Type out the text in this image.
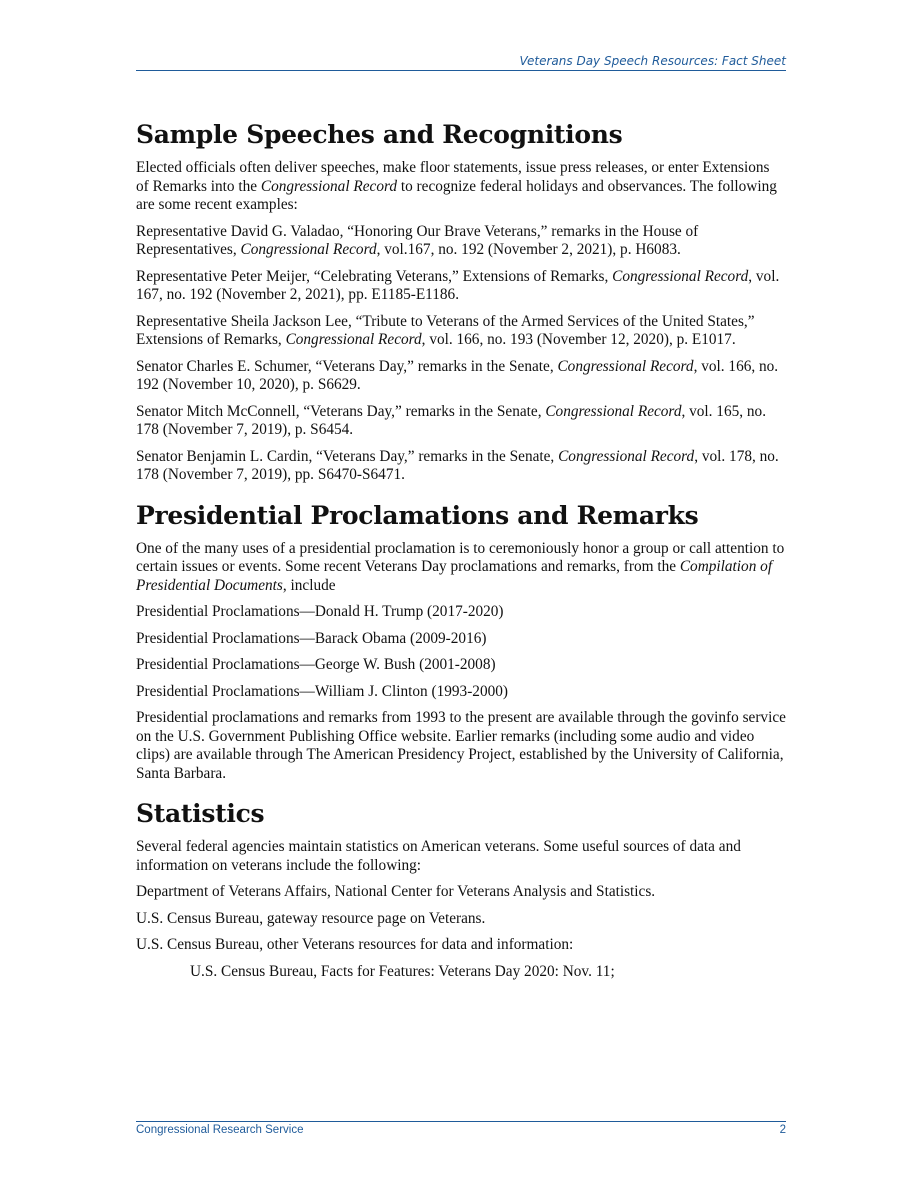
Veterans Day Speech Resources: Fact Sheet
Sample Speeches and Recognitions

Elected officials often deliver speeches, make floor statements, issue press releases, or enter Extensions of Remarks into the Congressional Record to recognize federal holidays and observances. The following are some recent examples:

Representative David G. Valadao, “Honoring Our Brave Veterans,” remarks in the House of Representatives, Congressional Record, vol.167, no. 192 (November 2, 2021), p. H6083.

Representative Peter Meijer, “Celebrating Veterans,” Extensions of Remarks, Congressional Record, vol. 167, no. 192 (November 2, 2021), pp. E1185-E1186.

Representative Sheila Jackson Lee, “Tribute to Veterans of the Armed Services of the United States,” Extensions of Remarks, Congressional Record, vol. 166, no. 193 (November 12, 2020), p. E1017.

Senator Charles E. Schumer, “Veterans Day,” remarks in the Senate, Congressional Record, vol. 166, no. 192 (November 10, 2020), p. S6629.

Senator Mitch McConnell, “Veterans Day,” remarks in the Senate, Congressional Record, vol. 165, no. 178 (November 7, 2019), p. S6454.

Senator Benjamin L. Cardin, “Veterans Day,” remarks in the Senate, Congressional Record, vol. 178, no. 178 (November 7, 2019), pp. S6470-S6471.

Presidential Proclamations and Remarks

One of the many uses of a presidential proclamation is to ceremoniously honor a group or call attention to certain issues or events. Some recent Veterans Day proclamations and remarks, from the Compilation of Presidential Documents, include

Presidential Proclamations—Donald H. Trump (2017-2020)

Presidential Proclamations—Barack Obama (2009-2016)

Presidential Proclamations—George W. Bush (2001-2008)

Presidential Proclamations—William J. Clinton (1993-2000)

Presidential proclamations and remarks from 1993 to the present are available through the govinfo service on the U.S. Government Publishing Office website. Earlier remarks (including some audio and video clips) are available through The American Presidency Project, established by the University of California, Santa Barbara.

Statistics

Several federal agencies maintain statistics on American veterans. Some useful sources of data and information on veterans include the following:

Department of Veterans Affairs, National Center for Veterans Analysis and Statistics.

U.S. Census Bureau, gateway resource page on Veterans.

U.S. Census Bureau, other Veterans resources for data and information:

U.S. Census Bureau, Facts for Features: Veterans Day 2020: Nov. 11;

Congressional Research Service	2
